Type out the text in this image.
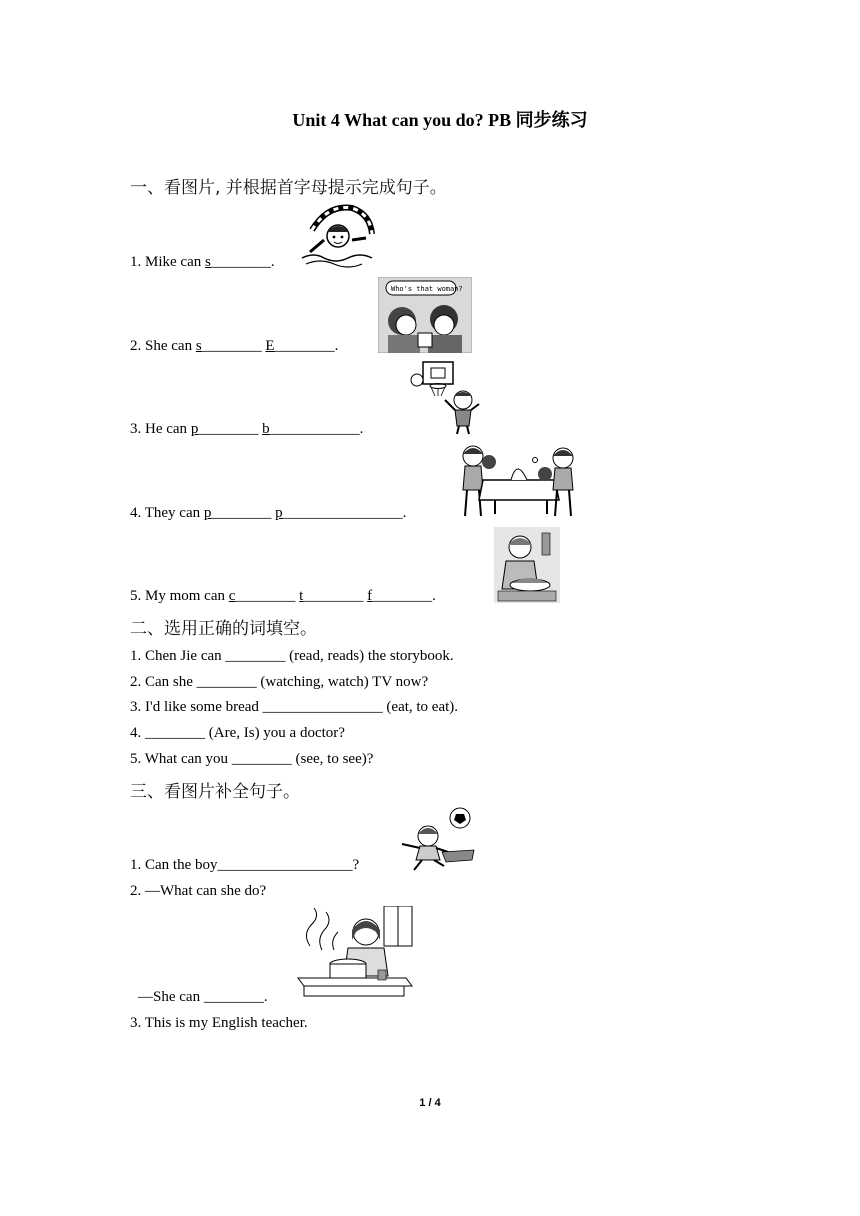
Unit 4 What can you do? PB 同步练习
一、看图片, 并根据首字母提示完成句子。
1. Mike can s________.
Who's that woman?
2. She can s________ E________.
3. He can p________ b____________.
4. They can p________ p________________.
5. My mom can c________ t________ f________.
二、选用正确的词填空。
1. Chen Jie can ________ (read, reads) the storybook.
2. Can she ________ (watching, watch) TV now?
3. I'd like some bread ________________ (eat, to eat).
4. ________ (Are, Is) you a doctor?
5. What can you ________ (see, to see)?
三、看图片补全句子。
1. Can the boy__________________?
2. —What can she do?
—She can ________.
3. This is my English teacher.
1 / 4
